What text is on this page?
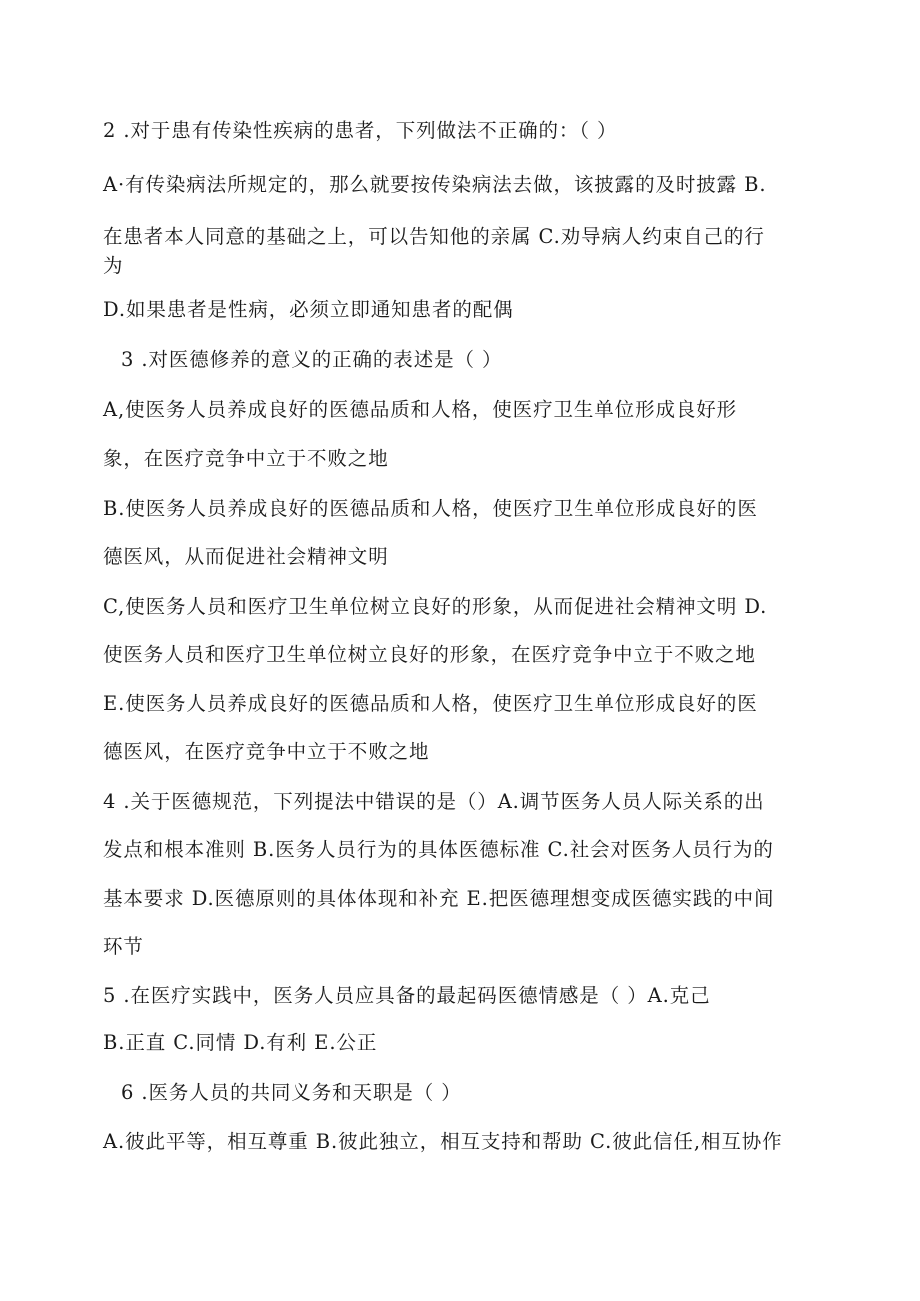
2 .对于患有传染性疾病的患者，下列做法不正确的：（ ）

A·有传染病法所规定的，那么就要按传染病法去做，该披露的及时披露 B.

在患者本人同意的基础之上，可以告知他的亲属 C.劝导病人约束自己的行

为

D.如果患者是性病，必须立即通知患者的配偶

3 .对医德修养的意义的正确的表述是（ ）

A,使医务人员养成良好的医德品质和人格，使医疗卫生单位形成良好形

象，在医疗竞争中立于不败之地

B.使医务人员养成良好的医德品质和人格，使医疗卫生单位形成良好的医

德医风，从而促进社会精神文明

C,使医务人员和医疗卫生单位树立良好的形象，从而促进社会精神文明 D.

使医务人员和医疗卫生单位树立良好的形象，在医疗竞争中立于不败之地

E.使医务人员养成良好的医德品质和人格，使医疗卫生单位形成良好的医

德医风，在医疗竞争中立于不败之地

4 .关于医德规范，下列提法中错误的是（）A.调节医务人员人际关系的出

发点和根本准则 B.医务人员行为的具体医德标准 C.社会对医务人员行为的

基本要求 D.医德原则的具体体现和补充 E.把医德理想变成医德实践的中间

环节

5 .在医疗实践中，医务人员应具备的最起码医德情感是（ ）A.克己

B.正直 C.同情 D.有利 E.公正

6 .医务人员的共同义务和天职是（ ）

A.彼此平等，相互尊重 B.彼此独立，相互支持和帮助 C.彼此信任,相互协作
